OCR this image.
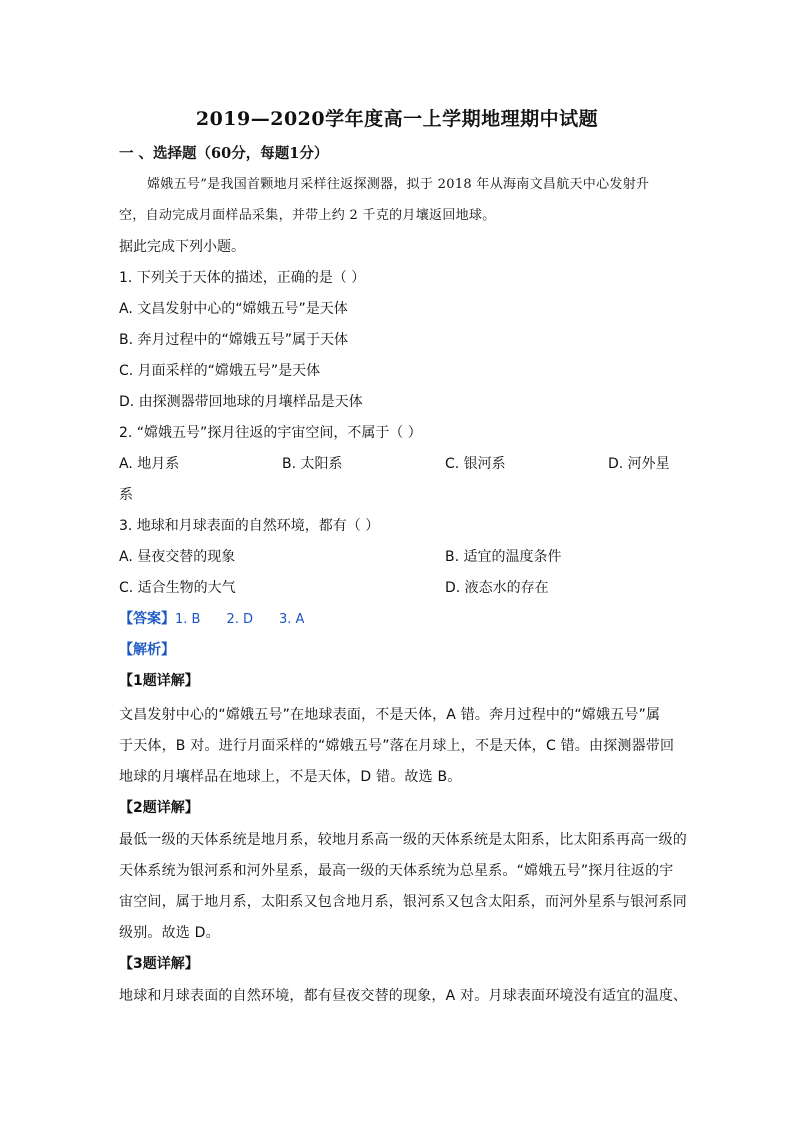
2019—2020学年度高一上学期地理期中试题
一 、选择题（60分，每题1分）
嫦娥五号”是我国首颗地月采样往返探测器，拟于 2018 年从海南文昌航天中心发射升
空，自动完成月面样品采集，并带上约 2 千克的月壤返回地球。
据此完成下列小题。
1. 下列关于天体的描述，正确的是（ ）
A. 文昌发射中心的“嫦娥五号”是天体
B. 奔月过程中的“嫦娥五号”属于天体
C. 月面采样的“嫦娥五号”是天体
D. 由探测器带回地球的月壤样品是天体
2. “嫦娥五号”探月往返的宇宙空间，不属于（ ）
A. 地月系	B. 太阳系	C. 银河系	D. 河外星
系
3. 地球和月球表面的自然环境，都有（ ）
A. 昼夜交替的现象	B. 适宜的温度条件
C. 适合生物的大气	D. 液态水的存在
【答案】1. B 2. D 3. A
【解析】
【1题详解】
文昌发射中心的“嫦娥五号”在地球表面，不是天体，A 错。奔月过程中的“嫦娥五号”属
于天体，B 对。进行月面采样的“嫦娥五号”落在月球上，不是天体，C 错。由探测器带回
地球的月壤样品在地球上，不是天体，D 错。故选 B。
【2题详解】
最低一级的天体系统是地月系，较地月系高一级的天体系统是太阳系，比太阳系再高一级的
天体系统为银河系和河外星系，最高一级的天体系统为总星系。“嫦娥五号”探月往返的宇
宙空间，属于地月系，太阳系又包含地月系，银河系又包含太阳系，而河外星系与银河系同
级别。故选 D。
【3题详解】
地球和月球表面的自然环境，都有昼夜交替的现象，A 对。月球表面环境没有适宜的温度、
